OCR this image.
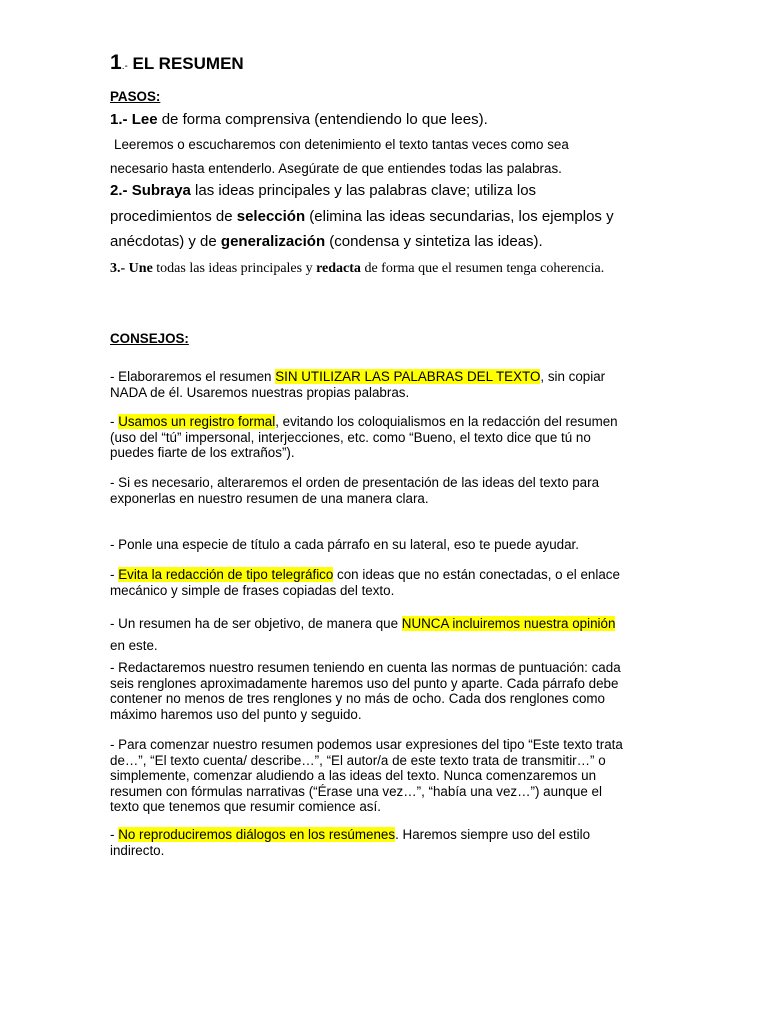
1.- EL RESUMEN
PASOS:
1.- Lee de forma comprensiva (entendiendo lo que lees).
Leeremos o escucharemos con detenimiento el texto tantas veces como sea
necesario hasta entenderlo. Asegúrate de que entiendes todas las palabras.
2.- Subraya las ideas principales y las palabras clave; utiliza los
procedimientos de selección (elimina las ideas secundarias, los ejemplos y
anécdotas) y de generalización (condensa y sintetiza las ideas).
3.- Une todas las ideas principales y redacta de forma que el resumen tenga coherencia.
CONSEJOS:
- Elaboraremos el resumen SIN UTILIZAR LAS PALABRAS DEL TEXTO, sin copiar
NADA de él. Usaremos nuestras propias palabras.
- Usamos un registro formal, evitando los coloquialismos en la redacción del resumen
(uso del “tú” impersonal, interjecciones, etc. como “Bueno, el texto dice que tú no
puedes fiarte de los extraños”).
- Si es necesario, alteraremos el orden de presentación de las ideas del texto para
exponerlas en nuestro resumen de una manera clara.
- Ponle una especie de título a cada párrafo en su lateral, eso te puede ayudar.
- Evita la redacción de tipo telegráfico con ideas que no están conectadas, o el enlace
mecánico y simple de frases copiadas del texto.
- Un resumen ha de ser objetivo, de manera que NUNCA incluiremos nuestra opinión
en este.
- Redactaremos nuestro resumen teniendo en cuenta las normas de puntuación: cada
seis renglones aproximadamente haremos uso del punto y aparte. Cada párrafo debe
contener no menos de tres renglones y no más de ocho. Cada dos renglones como
máximo haremos uso del punto y seguido.
- Para comenzar nuestro resumen podemos usar expresiones del tipo “Este texto trata
de…”, “El texto cuenta/ describe…”, “El autor/a de este texto trata de transmitir…” o
simplemente, comenzar aludiendo a las ideas del texto. Nunca comenzaremos un
resumen con fórmulas narrativas (“Érase una vez…”, “había una vez…”) aunque el
texto que tenemos que resumir comience así.
- No reproduciremos diálogos en los resúmenes. Haremos siempre uso del estilo
indirecto.
